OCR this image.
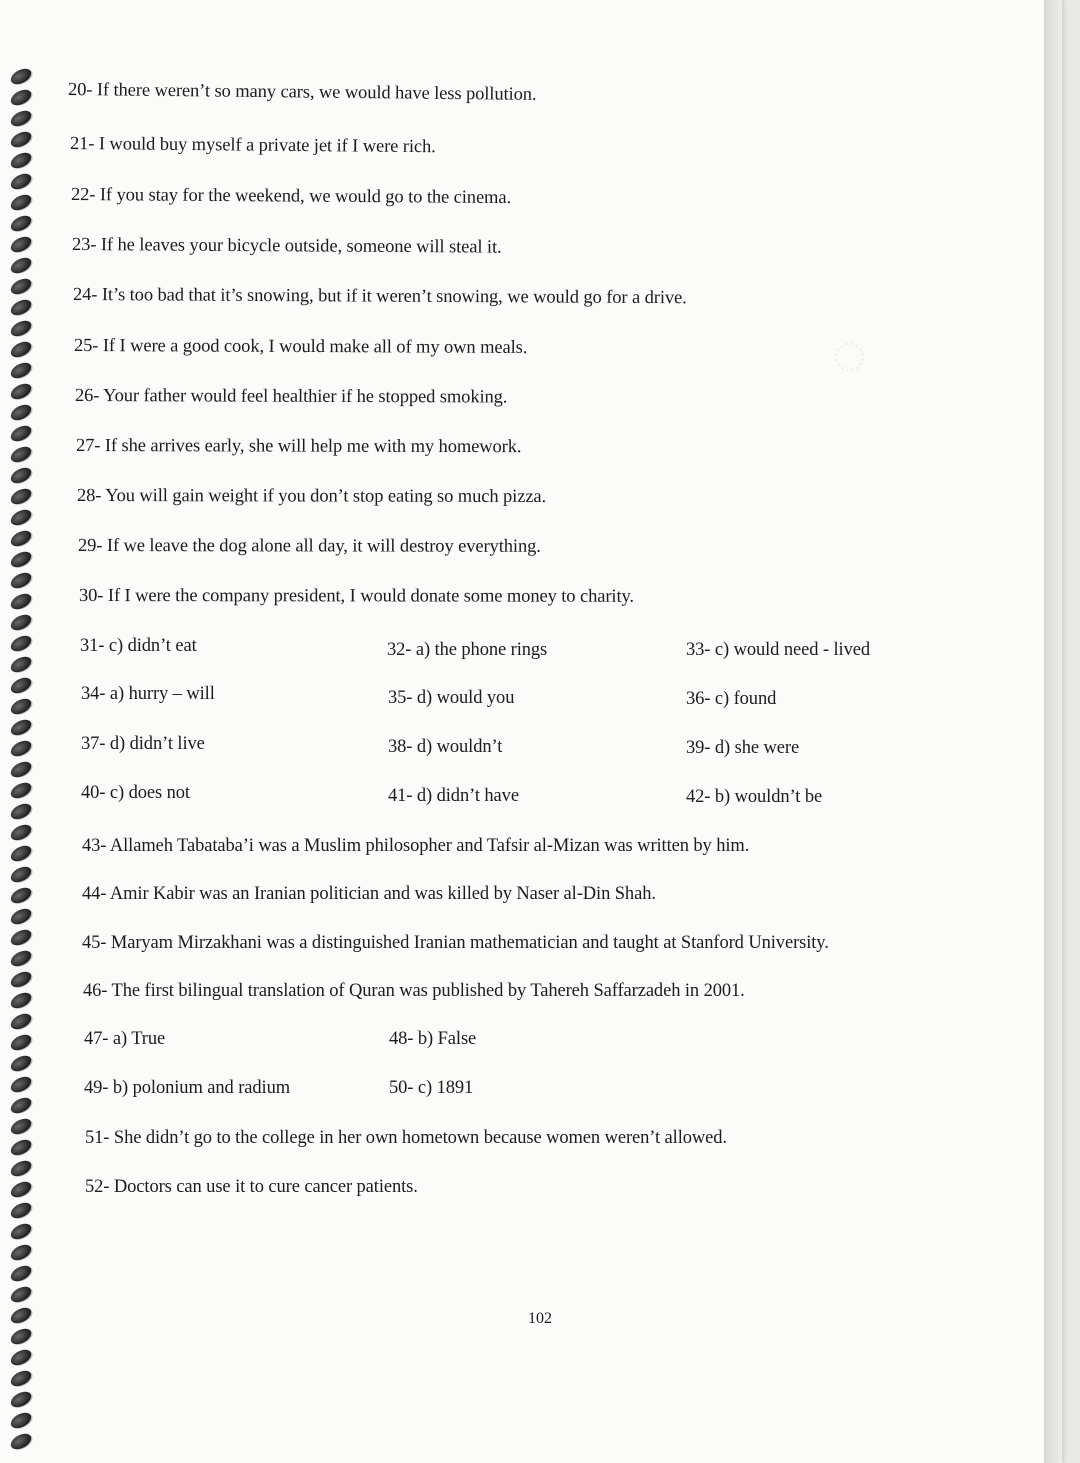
20- If there weren’t so many cars, we would have less pollution.
21- I would buy myself a private jet if I were rich.
22- If you stay for the weekend, we would go to the cinema.
23- If he leaves your bicycle outside, someone will steal it.
24- It’s too bad that it’s snowing, but if it weren’t snowing, we would go for a drive.
25- If I were a good cook, I would make all of my own meals.
26- Your father would feel healthier if he stopped smoking.
27- If she arrives early, she will help me with my homework.
28- You will gain weight if you don’t stop eating so much pizza.
29- If we leave the dog alone all day, it will destroy everything.
30- If I were the company president, I would donate some money to charity.
31- c) didn’t eat	32- a) the phone rings	33- c) would need - lived
34- a) hurry – will	35- d) would you	36- c) found
37- d) didn’t live	38- d) wouldn’t	39- d) she were
40- c) does not	41- d) didn’t have	42- b) wouldn’t be
43- Allameh Tabataba’i was a Muslim philosopher and Tafsir al-Mizan was written by him.
44- Amir Kabir was an Iranian politician and was killed by Naser al-Din Shah.
45- Maryam Mirzakhani was a distinguished Iranian mathematician and taught at Stanford University.
46- The first bilingual translation of Quran was published by Tahereh Saffarzadeh in 2001.
47- a) True	48- b) False
49- b) polonium and radium	50- c) 1891
51- She didn’t go to the college in her own hometown because women weren’t allowed.
52- Doctors can use it to cure cancer patients.
102
